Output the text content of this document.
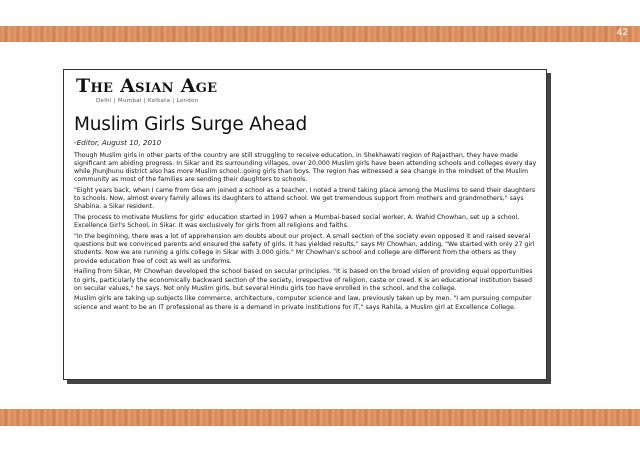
42
The Asian Age
Delhi | Mumbai | Kolkata | London
Muslim Girls Surge Ahead
-Editor, August 10, 2010

Though Muslim girls in other parts of the country are still struggling to receive education, in Shekhawati region of Rajasthan, they have made significant am abiding progress. In Sikar and its surrounding villages, over 20,000 Muslim girls have been attending schools and colleges every day while Jhunjhunu district also has more Muslim school..going girls than boys. The region has witnessed a sea change in the mindset of the Muslim community as most of the families are sending their daughters to schools.

"Eight years back, when I came from Goa am joined a school as a teacher, I noted a trend taking place among the Muslims to send their daughters to schools. Now, almost every family allows its daughters to attend school. We get tremendous support from mothers and grandmothers," says Shabina. a Sikar resident.

The process to motivate Muslims for girls' education started in 1997 when a Mumbai-based social worker, A. Wahid Chowhan, set up a school, Excellence Girl's School, in Sikar. It was exclusively for girls from all religions and faiths.

"In the beginning, there was a lot of apprehension am doubts about our project. A small section of the society even opposed it and raised several questions but we convinced parents and ensured the safety of girls. It has yielded results," says Mr Chowhan, adding, "We started with only 27 girl students. Now we are running a girls college in Sikar with 3.000 girls." Mr Chowhan's school and college are different from the others as they provide education free of cost as well as uniforms.

Hailing from Sikar, Mr Chowhan developed the school based on secular principles. "It is based on the broad vision of providing equal opportunities to girls, particularly the economically backward section of the society, irrespective of religion, caste or creed. K is an educational institution based on secular values," he says. Not only Muslim girls, but several Hindu girls too have enrolled in the school, and the college.

Muslim girls are taking up subjects like commerce, architecture, computer science and law, previously taken up by men. "I am pursuing computer science and want to be an IT professional as there is a demand in private institutions for IT," says Rahila, a Muslim girl at Excellence College.
